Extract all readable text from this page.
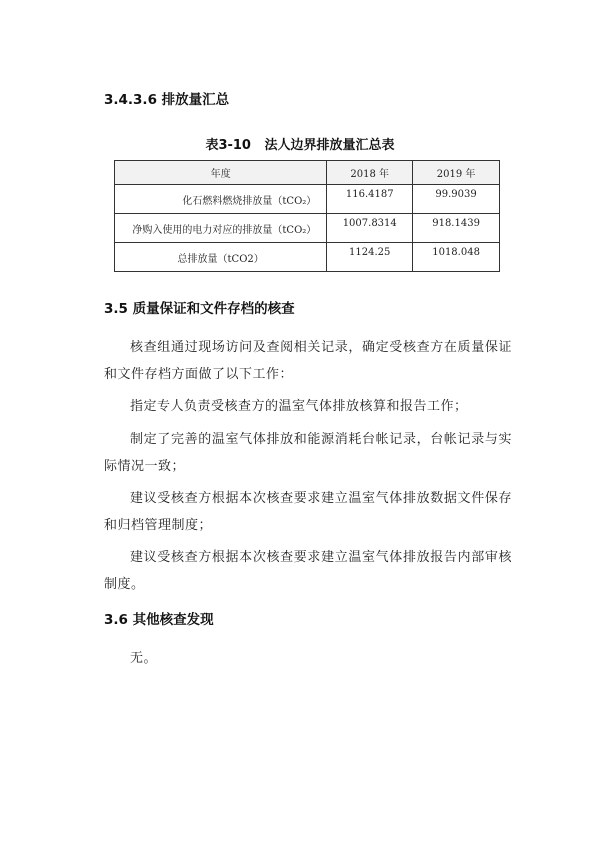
3.4.3.6 排放量汇总
表3-10   法人边界排放量汇总表
年度	2018 年	2019 年
化石燃料燃烧排放量（tCO₂）	116.4187	99.9039
净购入使用的电力对应的排放量（tCO₂）	1007.8314	918.1439
总排放量（tCO2）	1124.25	1018.048
3.5 质量保证和文件存档的核查
核查组通过现场访问及查阅相关记录，确定受核查方在质量保证和文件存档方面做了以下工作：
指定专人负责受核查方的温室气体排放核算和报告工作；
制定了完善的温室气体排放和能源消耗台帐记录，台帐记录与实际情况一致；
建议受核查方根据本次核查要求建立温室气体排放数据文件保存和归档管理制度；
建议受核查方根据本次核查要求建立温室气体排放报告内部审核制度。
3.6 其他核查发现
无。
